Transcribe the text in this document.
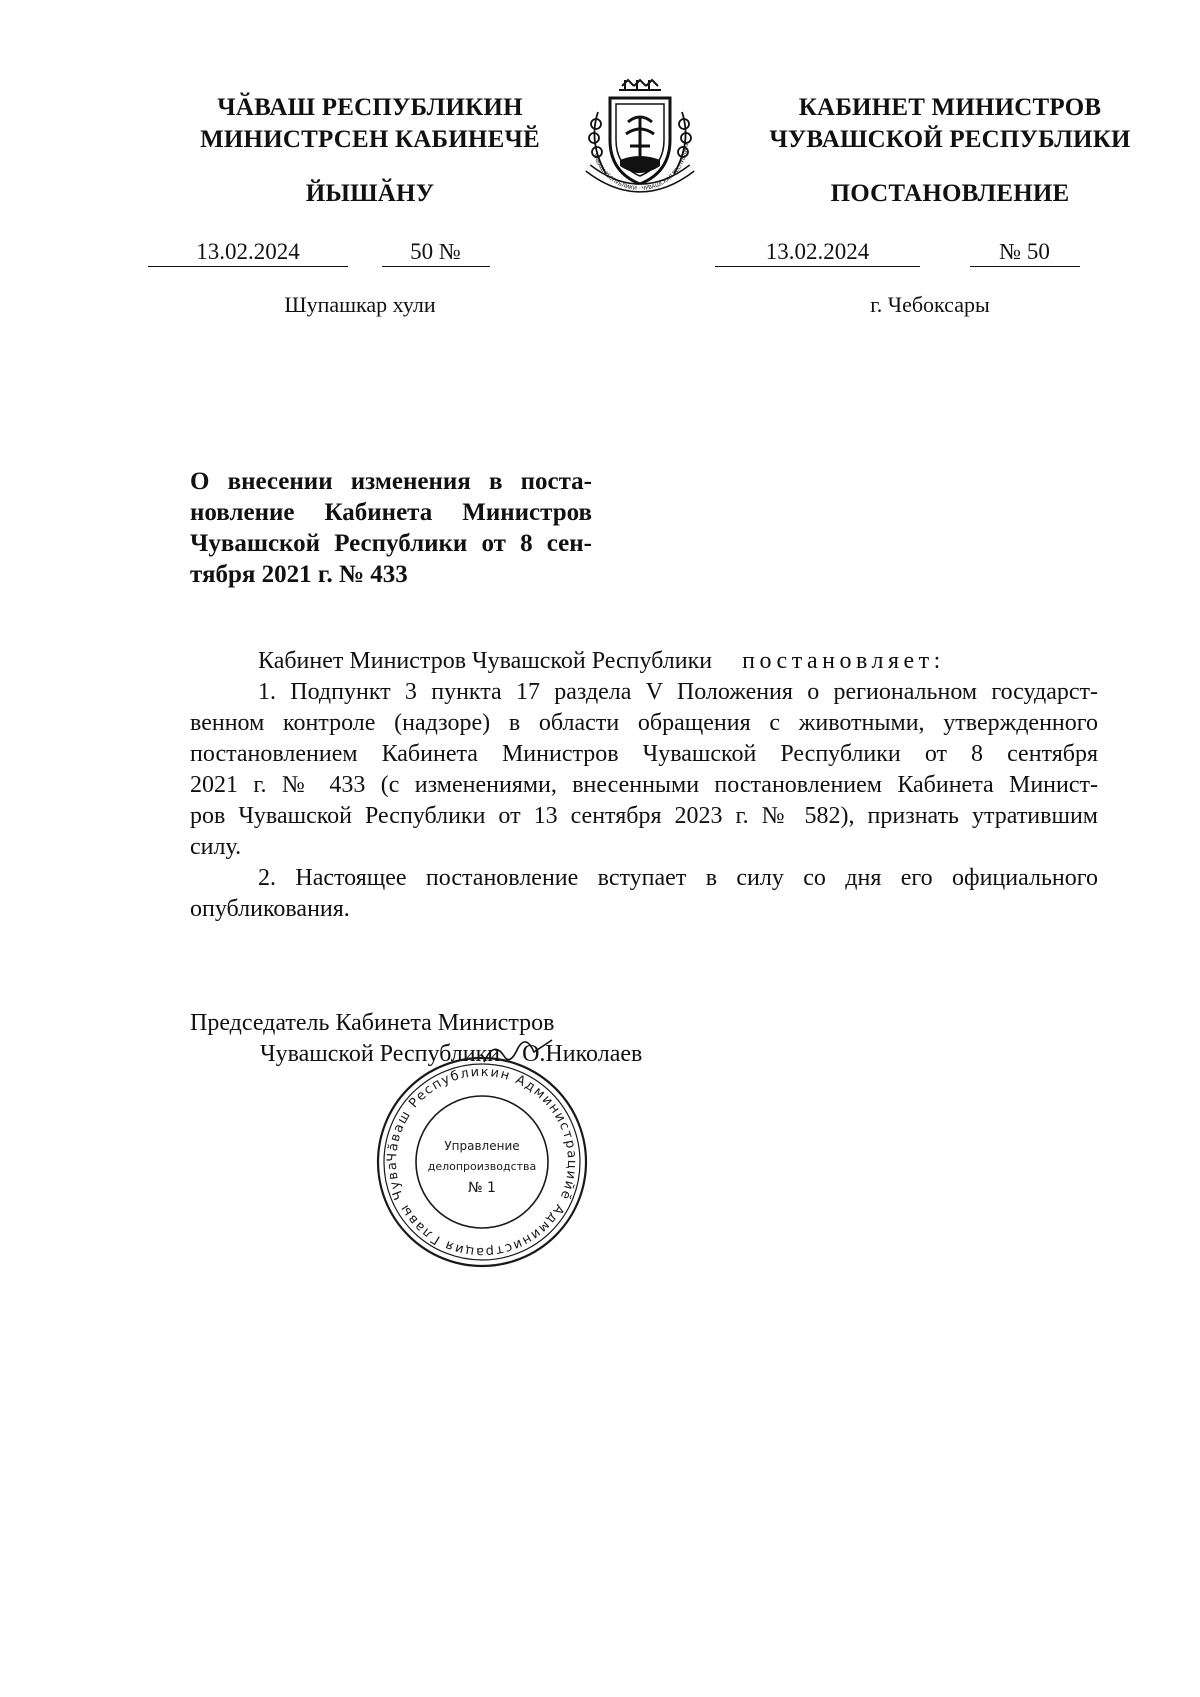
ЧӐВАШ РЕСПУБЛИКИН
МИНИСТРСЕН КАБИНЕЧӖ
ЙЫШӐНУ
КАБИНЕТ МИНИСТРОВ
ЧУВАШСКОЙ РЕСПУБЛИКИ
ПОСТАНОВЛЕНИЕ
ЧӐВАШ РЕСПУБЛИКИ · ЧУВАШСКАЯ РЕСПУБЛИКА
13.02.2024	50 №	13.02.2024	№ 50
Шупашкар хули	г. Чебоксары
О внесении изменения в поста-
новление Кабинета Министров
Чувашской Республики от 8 сен-
тября 2021 г. № 433
Кабинет Министров Чувашской Республики постановляет:
1. Подпункт 3 пункта 17 раздела V Положения о региональном государст-
венном контроле (надзоре) в области обращения с животными, утвержденного
постановлением Кабинета Министров Чувашской Республики от 8 сентября
2021 г. № 433 (с изменениями, внесенными постановлением Кабинета Минист-
ров Чувашской Республики от 13 сентября 2023 г. № 582), признать утратившим
силу.
2. Настоящее постановление вступает в силу со дня его официального
опубликования.
Председатель Кабинета Министров
Чувашской Республики О.Николаев
Чӑваш Республикин Администрацийӗ Администрация Главы Чува
Управление
делопроизводства
№ 1
